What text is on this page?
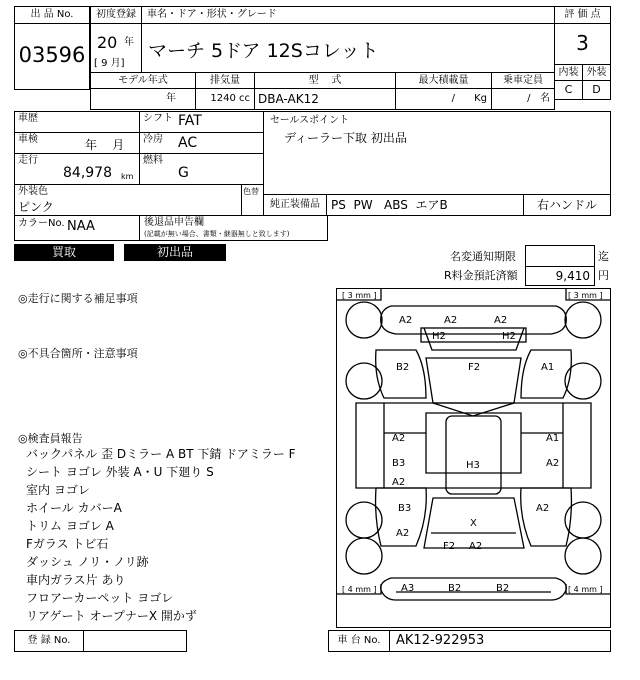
出 品 No.
03596
初度登録
20 年
[ 9 月]
車名・ドア・形状・グレード
マーチ 5ドア 12Sコレット
評 価 点
3
内装 外装
C	D
モデル年式
年
排気量
1240 cc
型    式
DBA-AK12
最大積載量
/      Kg
乗車定員
/   名
車歴	シフト FAT
車検	年    月 冷房 AC
走行
84,978 km
燃料
G
外装色
ピンク
色替
カラーNo. NAA	後退品申告欄
(記載が無い場合、書類・継器無しと致します)
セールスポイント
ディーラー下取 初出品
純正装備品 PS  PW   ABS  エアB	右ハンドル
買取	初出品	名変通知期限	迄
R料金預託済額	9,410 円
◎走行に関する補足事項
◎不具合箇所・注意事項
◎検査員報告
バックパネル 歪 Dミラー A BT 下錆 ドアミラー F
シート ヨゴレ 外装 A・U 下廻り S
室内 ヨゴレ
ホイール カバーA
トリム ヨゴレ A
Fガラス トビ石
ダッシュ ノリ・ノリ跡
車内ガラス片 あり
フロアーカーペット ヨゴレ
リアゲート オープナーX 開かず
[ 3 mm ]	[ 3 mm ]
[ 4 mm ]	[ 4 mm ]
A2	A2	A2
H2	H2
B2	F2	A1
A2	A1
B3
A2
H3	A2
B3
A2
A2
X
F2 A2
A3	B2	B2
登 録 No.	車 台 No.	AK12-922953
